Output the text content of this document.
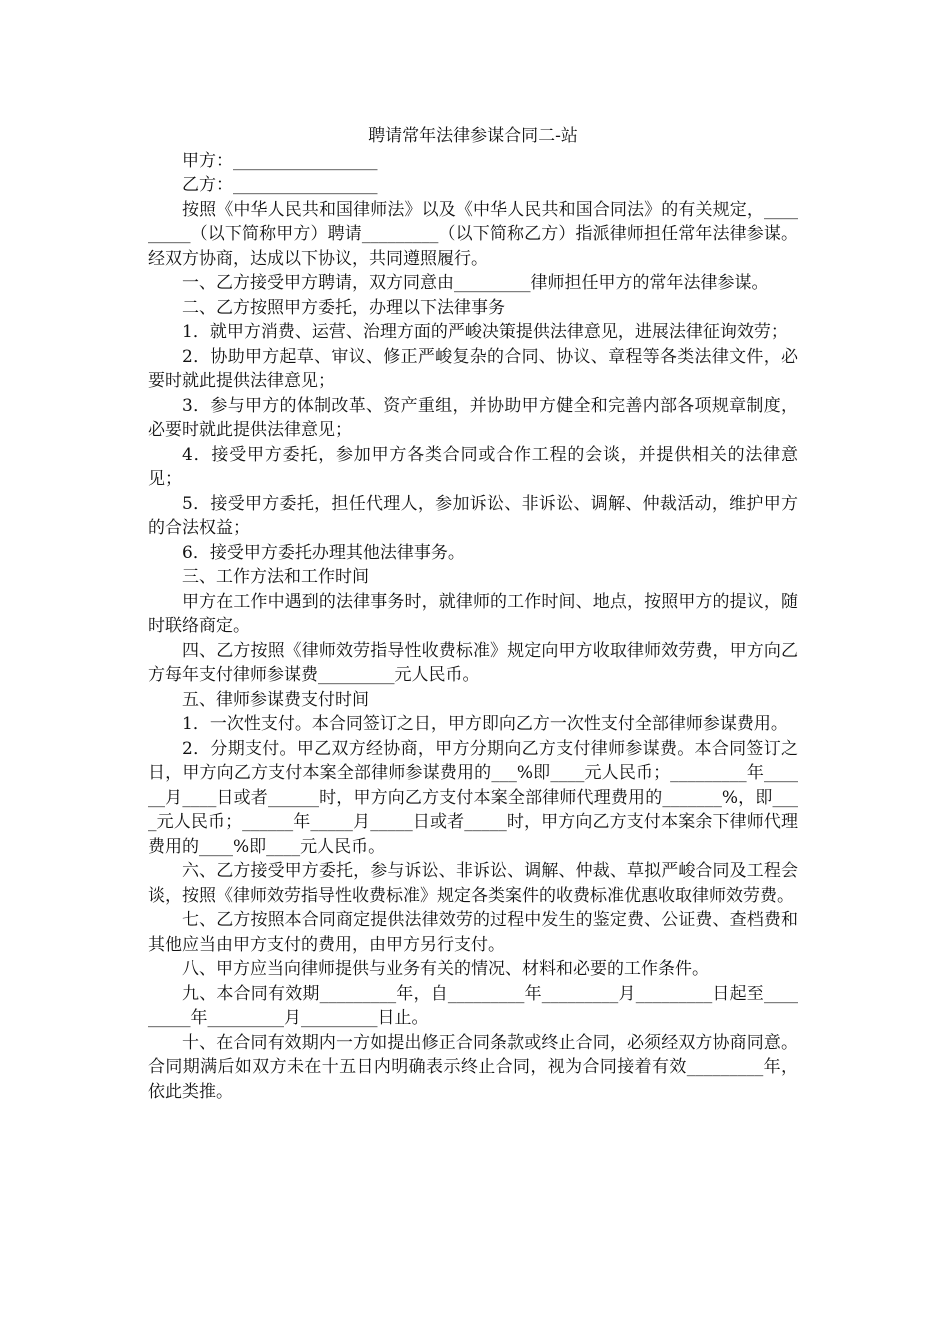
聘请常年法律参谋合同二-站

甲方：_________________

乙方：_________________

按照《中华人民共和国律师法》以及《中华人民共和国合同法》的有关规定，_________（以下简称甲方）聘请_________（以下简称乙方）指派律师担任常年法律参谋。经双方协商，达成以下协议，共同遵照履行。

一、乙方接受甲方聘请，双方同意由_________律师担任甲方的常年法律参谋。

二、乙方按照甲方委托，办理以下法律事务

1．就甲方消费、运营、治理方面的严峻决策提供法律意见，进展法律征询效劳；

2．协助甲方起草、审议、修正严峻复杂的合同、协议、章程等各类法律文件，必要时就此提供法律意见；

3．参与甲方的体制改革、资产重组，并协助甲方健全和完善内部各项规章制度，必要时就此提供法律意见；

4．接受甲方委托，参加甲方各类合同或合作工程的会谈，并提供相关的法律意见；

5．接受甲方委托，担任代理人，参加诉讼、非诉讼、调解、仲裁活动，维护甲方的合法权益；

6．接受甲方委托办理其他法律事务。

三、工作方法和工作时间

甲方在工作中遇到的法律事务时，就律师的工作时间、地点，按照甲方的提议，随时联络商定。

四、乙方按照《律师效劳指导性收费标准》规定向甲方收取律师效劳费，甲方向乙方每年支付律师参谋费_________元人民币。

五、律师参谋费支付时间

1．一次性支付。本合同签订之日，甲方即向乙方一次性支付全部律师参谋费用。

2．分期支付。甲乙双方经协商，甲方分期向乙方支付律师参谋费。本合同签订之日，甲方向乙方支付本案全部律师参谋费用的___%即____元人民币；_________年______月____日或者______时，甲方向乙方支付本案全部律师代理费用的_______%，即____元人民币；______年_____月_____日或者_____时，甲方向乙方支付本案余下律师代理费用的____%即____元人民币。

六、乙方接受甲方委托，参与诉讼、非诉讼、调解、仲裁、草拟严峻合同及工程会谈，按照《律师效劳指导性收费标准》规定各类案件的收费标准优惠收取律师效劳费。

七、乙方按照本合同商定提供法律效劳的过程中发生的鉴定费、公证费、查档费和其他应当由甲方支付的费用，由甲方另行支付。

八、甲方应当向律师提供与业务有关的情况、材料和必要的工作条件。

九、本合同有效期_________年，自_________年_________月_________日起至_________年_________月_________日止。

十、在合同有效期内一方如提出修正合同条款或终止合同，必须经双方协商同意。合同期满后如双方未在十五日内明确表示终止合同，视为合同接着有效_________年，依此类推。
